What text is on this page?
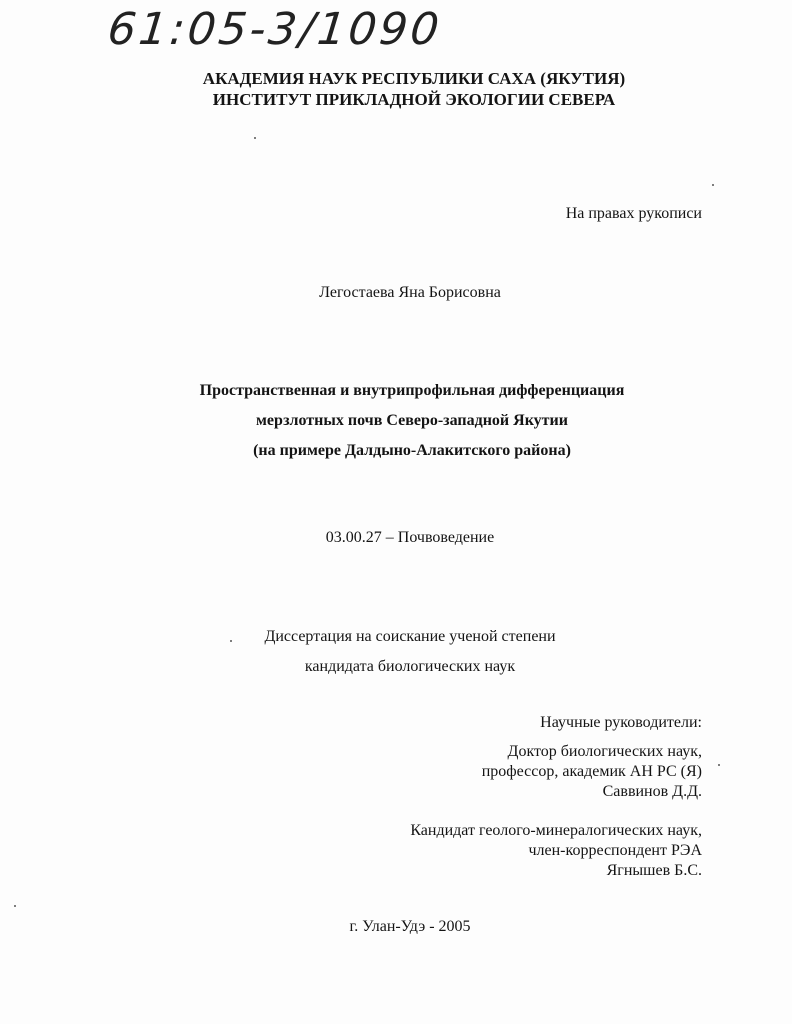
61:05-3/1090
АКАДЕМИЯ НАУК РЕСПУБЛИКИ САХА (ЯКУТИЯ)
ИНСТИТУТ ПРИКЛАДНОЙ ЭКОЛОГИИ СЕВЕРА
На правах рукописи
Легостаева Яна Борисовна
Пространственная и внутрипрофильная дифференциация
мерзлотных почв Северо-западной Якутии
(на примере Далдыно-Алакитского района)
03.00.27 – Почвоведение
Диссертация на соискание ученой степени
кандидата биологических наук
Научные руководители:
Доктор биологических наук,
профессор, академик АН РС (Я)
Саввинов Д.Д.
Кандидат геолого-минералогических наук,
член-корреспондент РЭА
Ягнышев Б.С.
г. Улан-Удэ - 2005
